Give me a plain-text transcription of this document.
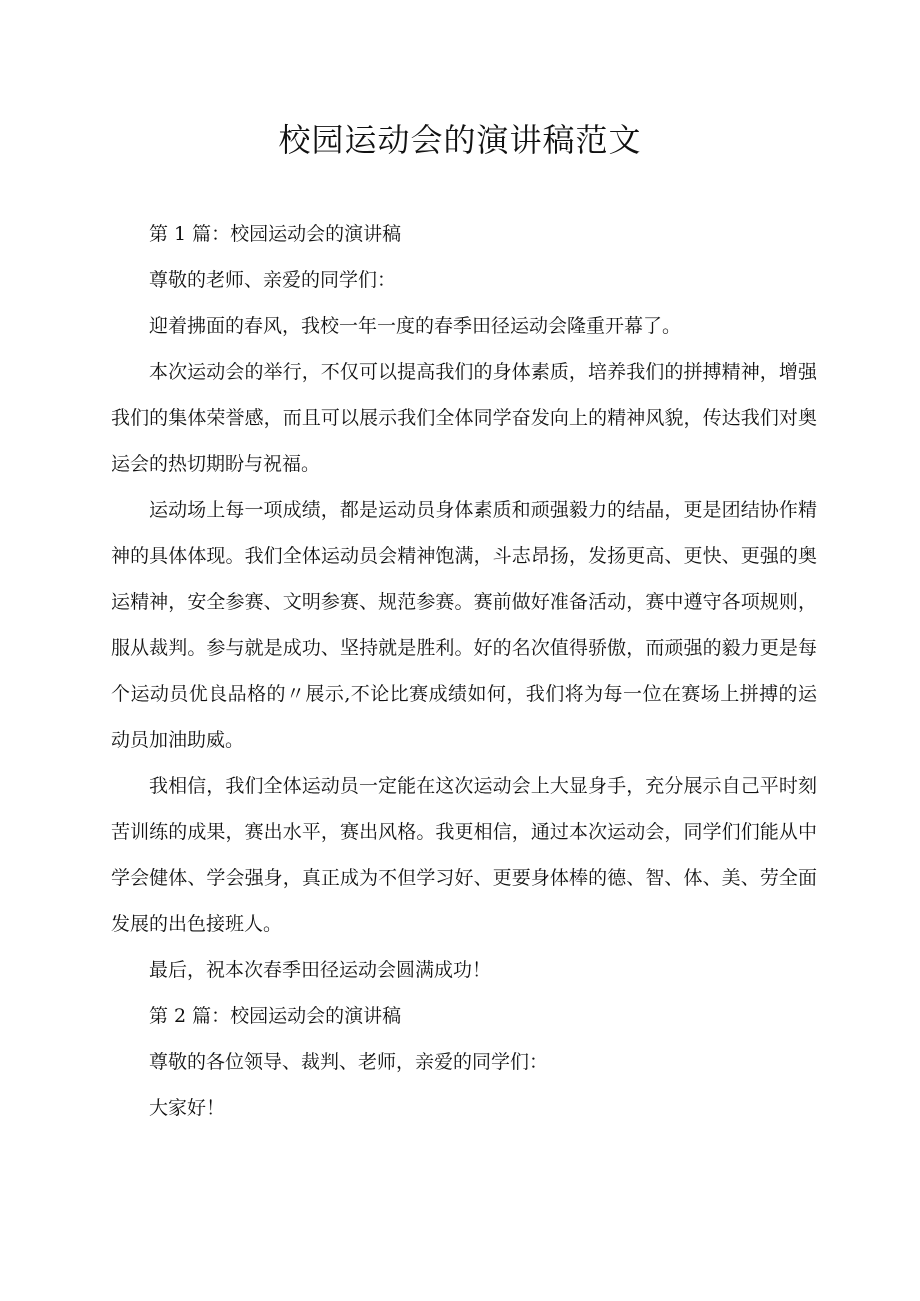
校园运动会的演讲稿范文

第 1 篇：校园运动会的演讲稿

尊敬的老师、亲爱的同学们：

迎着拂面的春风，我校一年一度的春季田径运动会隆重开幕了。

本次运动会的举行，不仅可以提高我们的身体素质，培养我们的拼搏精神，增强我们的集体荣誉感，而且可以展示我们全体同学奋发向上的精神风貌，传达我们对奥运会的热切期盼与祝福。

运动场上每一项成绩，都是运动员身体素质和顽强毅力的结晶，更是团结协作精神的具体体现。我们全体运动员会精神饱满，斗志昂扬，发扬更高、更快、更强的奥运精神，安全参赛、文明参赛、规范参赛。赛前做好准备活动，赛中遵守各项规则，服从裁判。参与就是成功、坚持就是胜利。好的名次值得骄傲，而顽强的毅力更是每个运动员优良品格的〃展示,不论比赛成绩如何，我们将为每一位在赛场上拼搏的运动员加油助威。

我相信，我们全体运动员一定能在这次运动会上大显身手，充分展示自己平时刻苦训练的成果，赛出水平，赛出风格。我更相信，通过本次运动会，同学们们能从中学会健体、学会强身，真正成为不但学习好、更要身体棒的德、智、体、美、劳全面发展的出色接班人。

最后，祝本次春季田径运动会圆满成功！

第 2 篇：校园运动会的演讲稿

尊敬的各位领导、裁判、老师，亲爱的同学们：

大家好！
